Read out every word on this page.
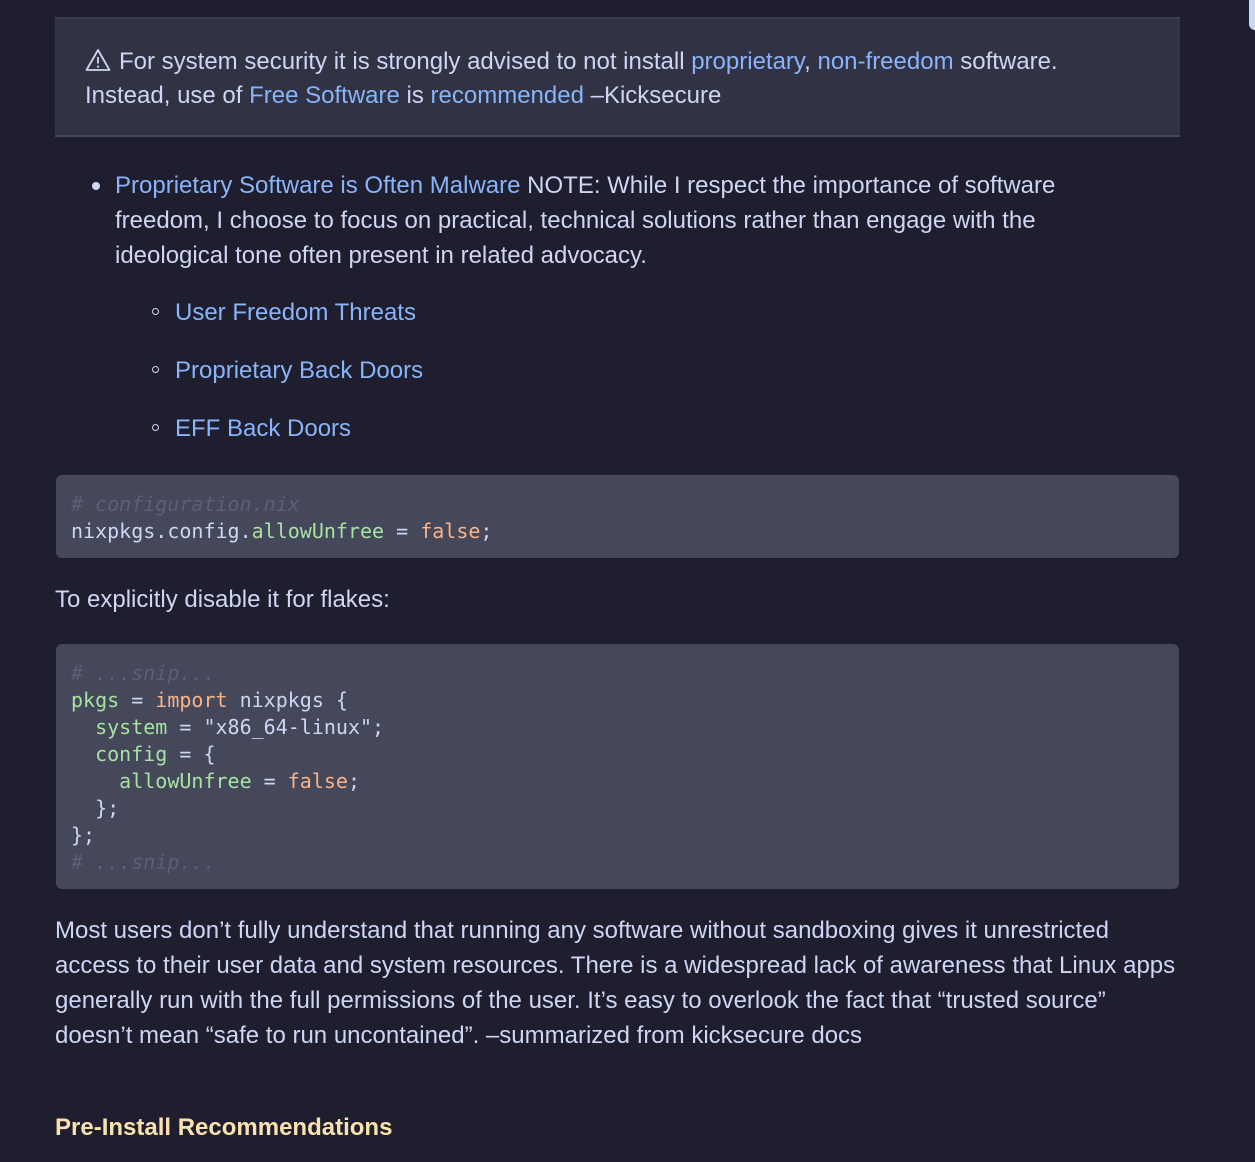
For system security it is strongly advised to not install proprietary, non-freedom software.
Instead, use of Free Software is recommended –Kicksecure
Proprietary Software is Often Malware NOTE: While I respect the importance of software freedom, I choose to focus on practical, technical solutions rather than engage with the ideological tone often present in related advocacy.
User Freedom Threats
Proprietary Back Doors
EFF Back Doors
# configuration.nix
nixpkgs.config.allowUnfree = false;

To explicitly disable it for flakes:

# ...snip...
pkgs = import nixpkgs {
system = "x86_64-linux";
config = {
allowUnfree = false;
};
};
# ...snip...

Most users don’t fully understand that running any software without sandboxing gives it unrestricted access to their user data and system resources. There is a widespread lack of awareness that Linux apps generally run with the full permissions of the user. It’s easy to overlook the fact that “trusted source” doesn’t mean “safe to run uncontained”. –summarized from kicksecure docs

Pre-Install Recommendations
